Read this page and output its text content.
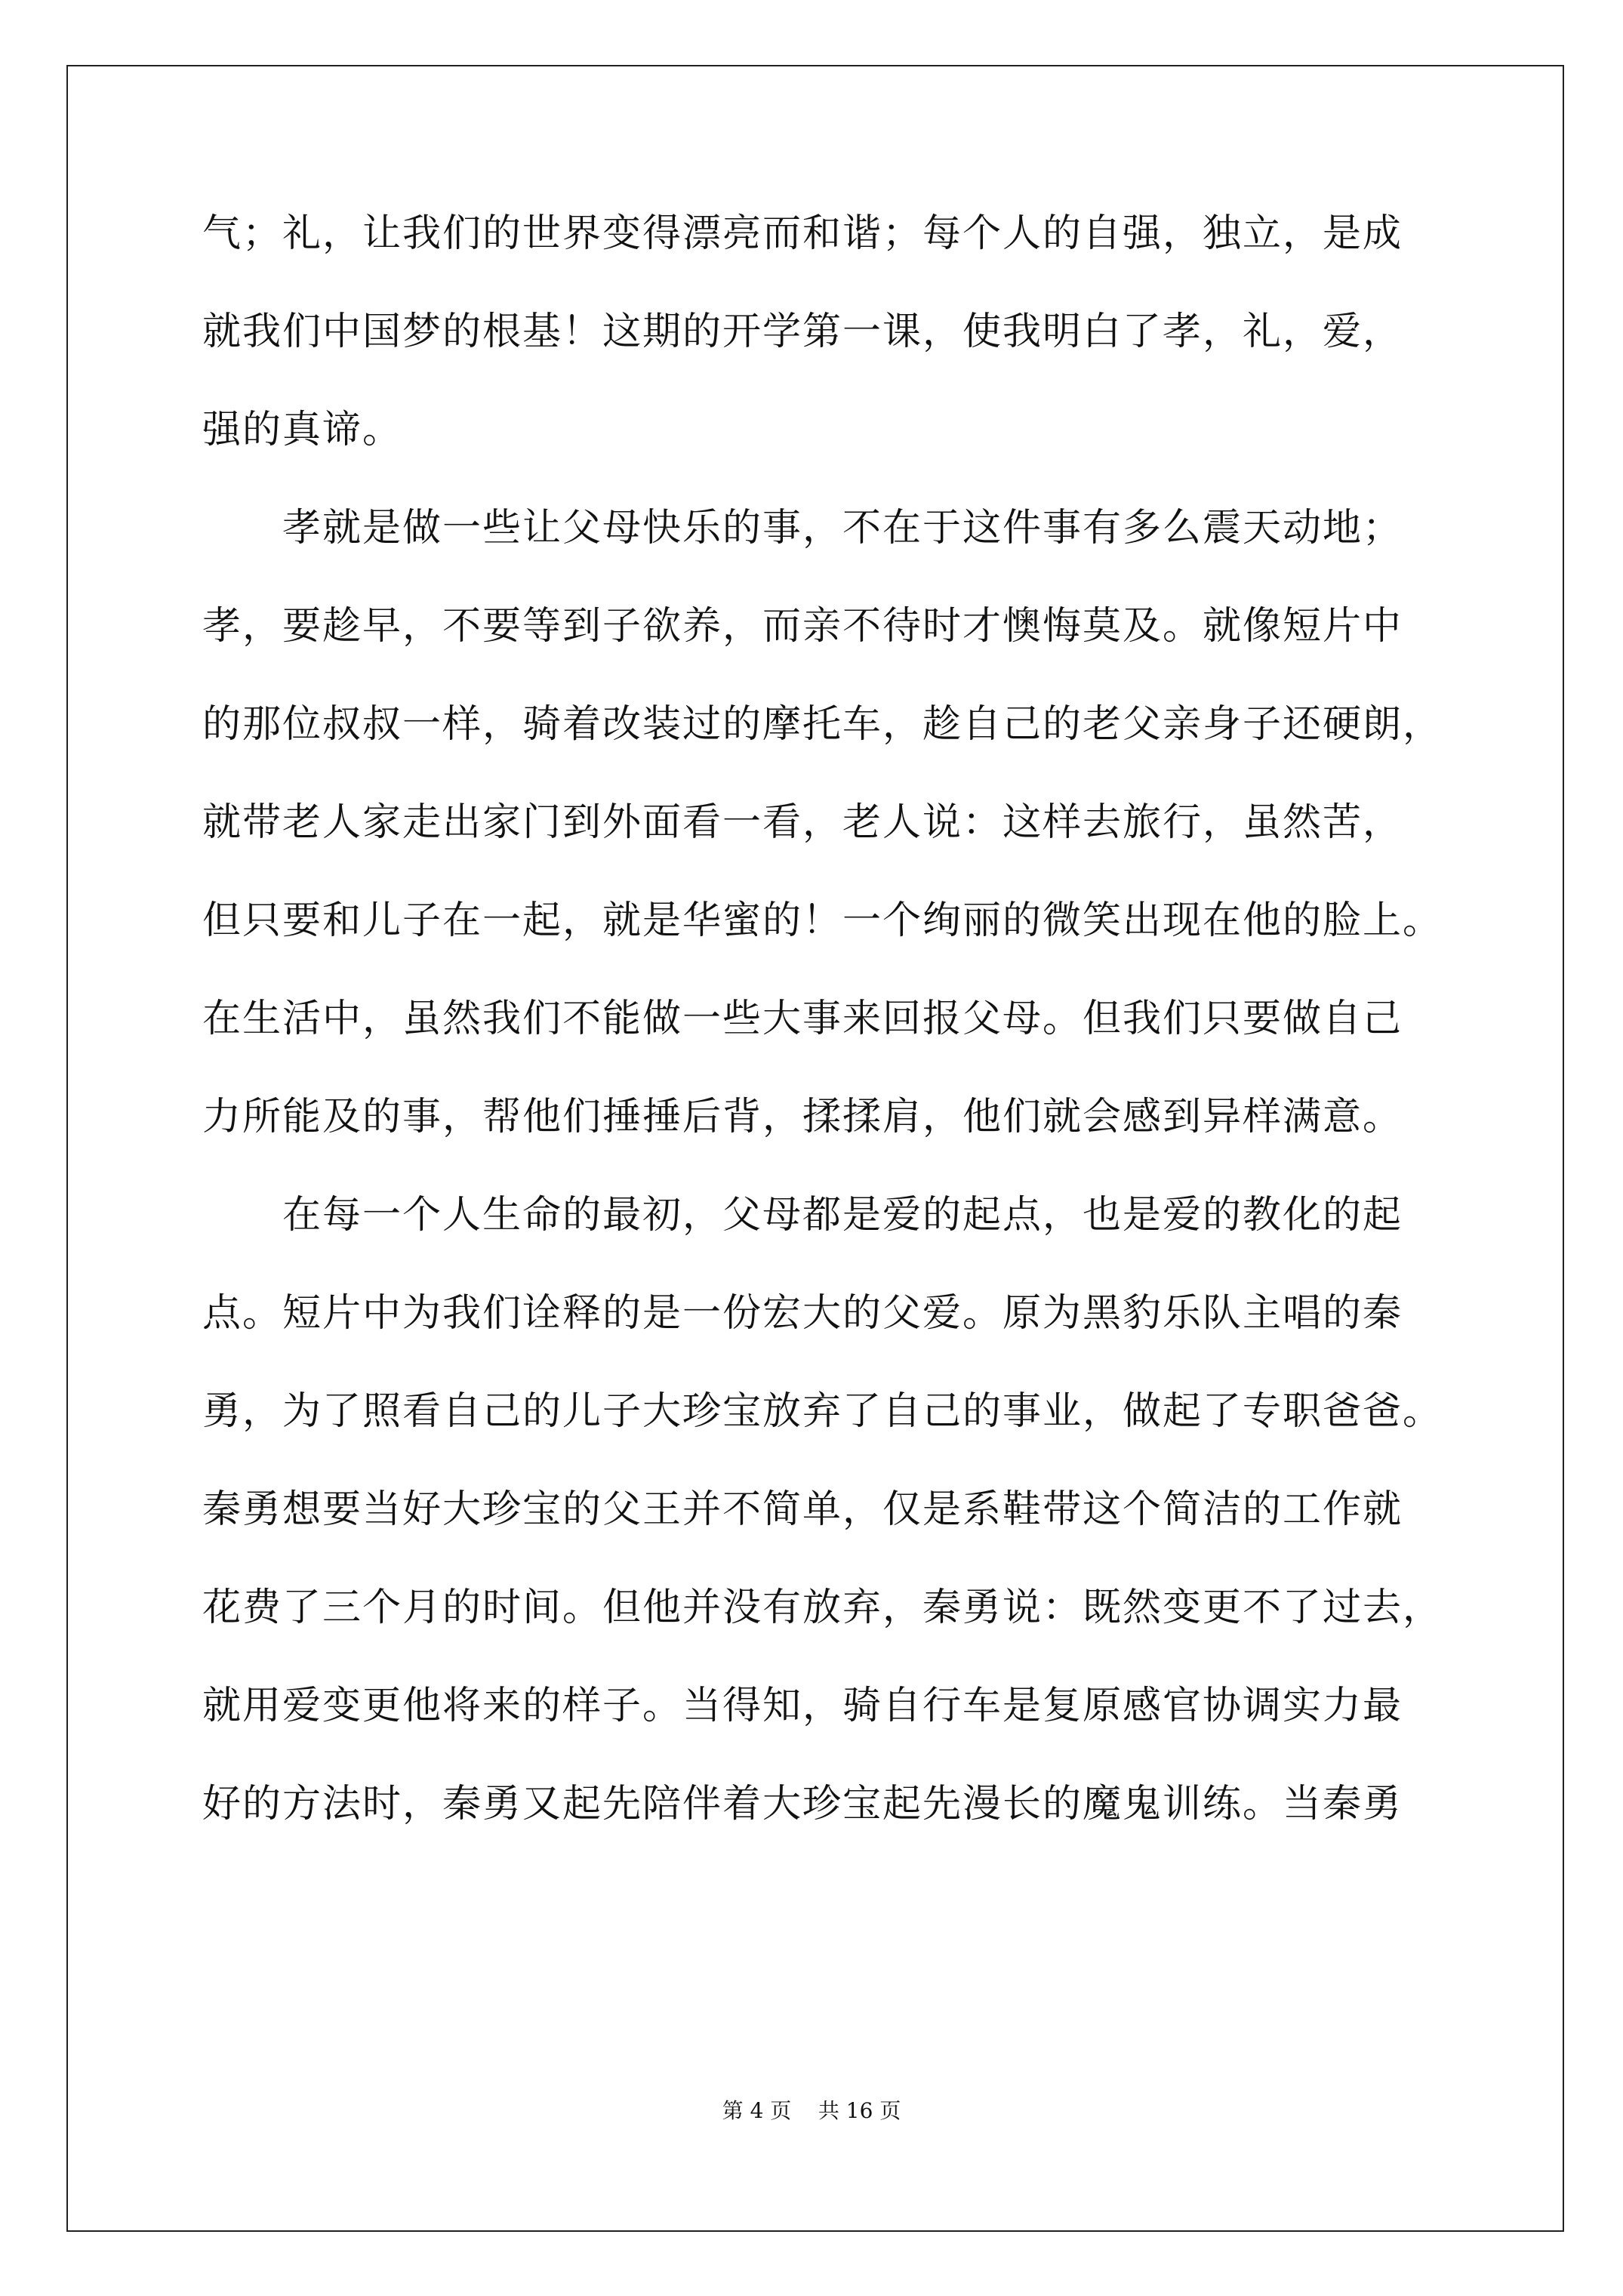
气；礼，让我们的世界变得漂亮而和谐；每个人的自强，独立，是成
就我们中国梦的根基！这期的开学第一课，使我明白了孝，礼，爱，
强的真谛。
孝就是做一些让父母快乐的事，不在于这件事有多么震天动地；
孝，要趁早，不要等到子欲养，而亲不待时才懊悔莫及。就像短片中
的那位叔叔一样，骑着改装过的摩托车，趁自己的老父亲身子还硬朗，
就带老人家走出家门到外面看一看，老人说：这样去旅行，虽然苦，
但只要和儿子在一起，就是华蜜的！一个绚丽的微笑出现在他的脸上。
在生活中，虽然我们不能做一些大事来回报父母。但我们只要做自己
力所能及的事，帮他们捶捶后背，揉揉肩，他们就会感到异样满意。
在每一个人生命的最初，父母都是爱的起点，也是爱的教化的起
点。短片中为我们诠释的是一份宏大的父爱。原为黑豹乐队主唱的秦
勇，为了照看自己的儿子大珍宝放弃了自己的事业，做起了专职爸爸。
秦勇想要当好大珍宝的父王并不简单，仅是系鞋带这个简洁的工作就
花费了三个月的时间。但他并没有放弃，秦勇说：既然变更不了过去，
就用爱变更他将来的样子。当得知，骑自行车是复原感官协调实力最
好的方法时，秦勇又起先陪伴着大珍宝起先漫长的魔鬼训练。当秦勇
第 4 页    共 16 页
